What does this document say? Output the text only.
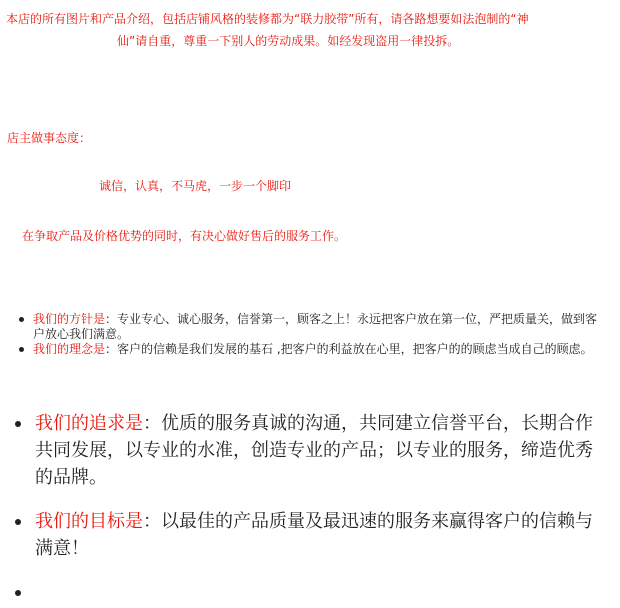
本店的所有图片和产品介绍，包括店铺风格的装修都为“联力胶带”所有，请各路想要如法泡制的“神
仙”请自重，尊重一下别人的劳动成果。如经发现盗用一律投拆。
店主做事态度：
诚信，认真，不马虎，一步一个脚印
在争取产品及价格优势的同时，有决心做好售后的服务工作。
我们的方针是：专业专心、诚心服务，信誉第一，顾客之上！永远把客户放在第一位，严把质量关，做到客户放心我们满意。
我们的理念是：客户的信赖是我们发展的基石 ,把客户的利益放在心里，把客户的的顾虑当成自己的顾虑。
我们的追求是：优质的服务真诚的沟通，共同建立信誉平台，长期合作共同发展，以专业的水准，创造专业的产品；以专业的服务，缔造优秀的品牌。
我们的目标是：以最佳的产品质量及最迅速的服务来赢得客户的信赖与满意！
